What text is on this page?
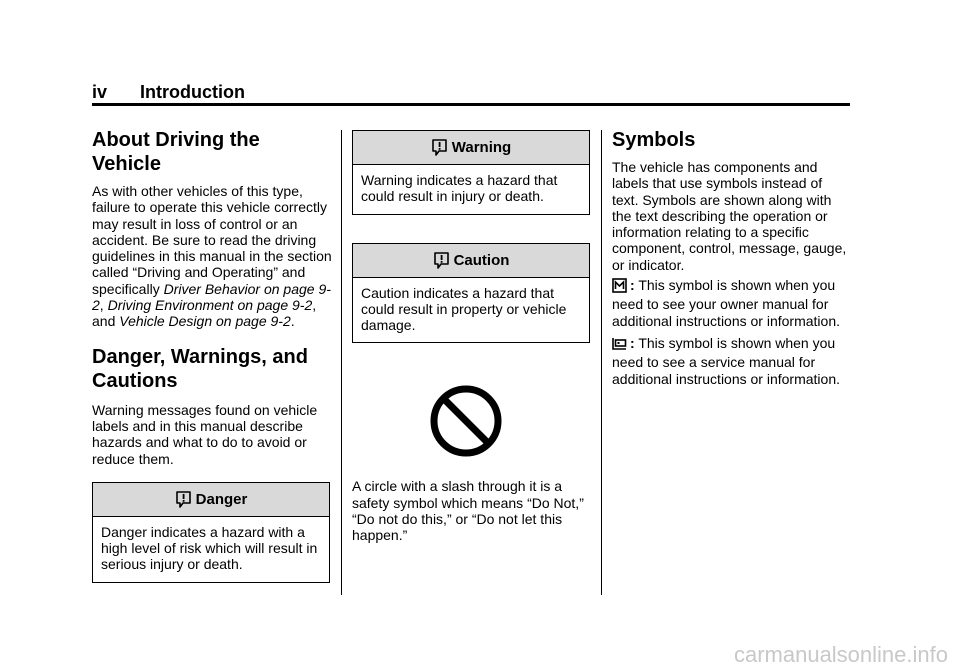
iv Introduction
About Driving the Vehicle

As with other vehicles of this type, failure to operate this vehicle correctly may result in loss of control or an accident. Be sure to read the driving guidelines in this manual in the section called “Driving and Operating” and specifically Driver Behavior on page 9-2, Driving Environment on page 9-2, and Vehicle Design on page 9-2.

Danger, Warnings, and Cautions

Warning messages found on vehicle labels and in this manual describe hazards and what to do to avoid or reduce them.

Danger
Danger indicates a hazard with a high level of risk which will result in serious injury or death.
Warning
Warning indicates a hazard that could result in injury or death.
Caution
Caution indicates a hazard that could result in property or vehicle damage.

A circle with a slash through it is a safety symbol which means “Do Not,” “Do not do this,” or “Do not let this happen.”

Symbols

The vehicle has components and labels that use symbols instead of text. Symbols are shown along with the text describing the operation or information relating to a specific component, control, message, gauge, or indicator.

: This symbol is shown when you need to see your owner manual for additional instructions or information.

: This symbol is shown when you need to see a service manual for additional instructions or information.

carmanualsonline.info
